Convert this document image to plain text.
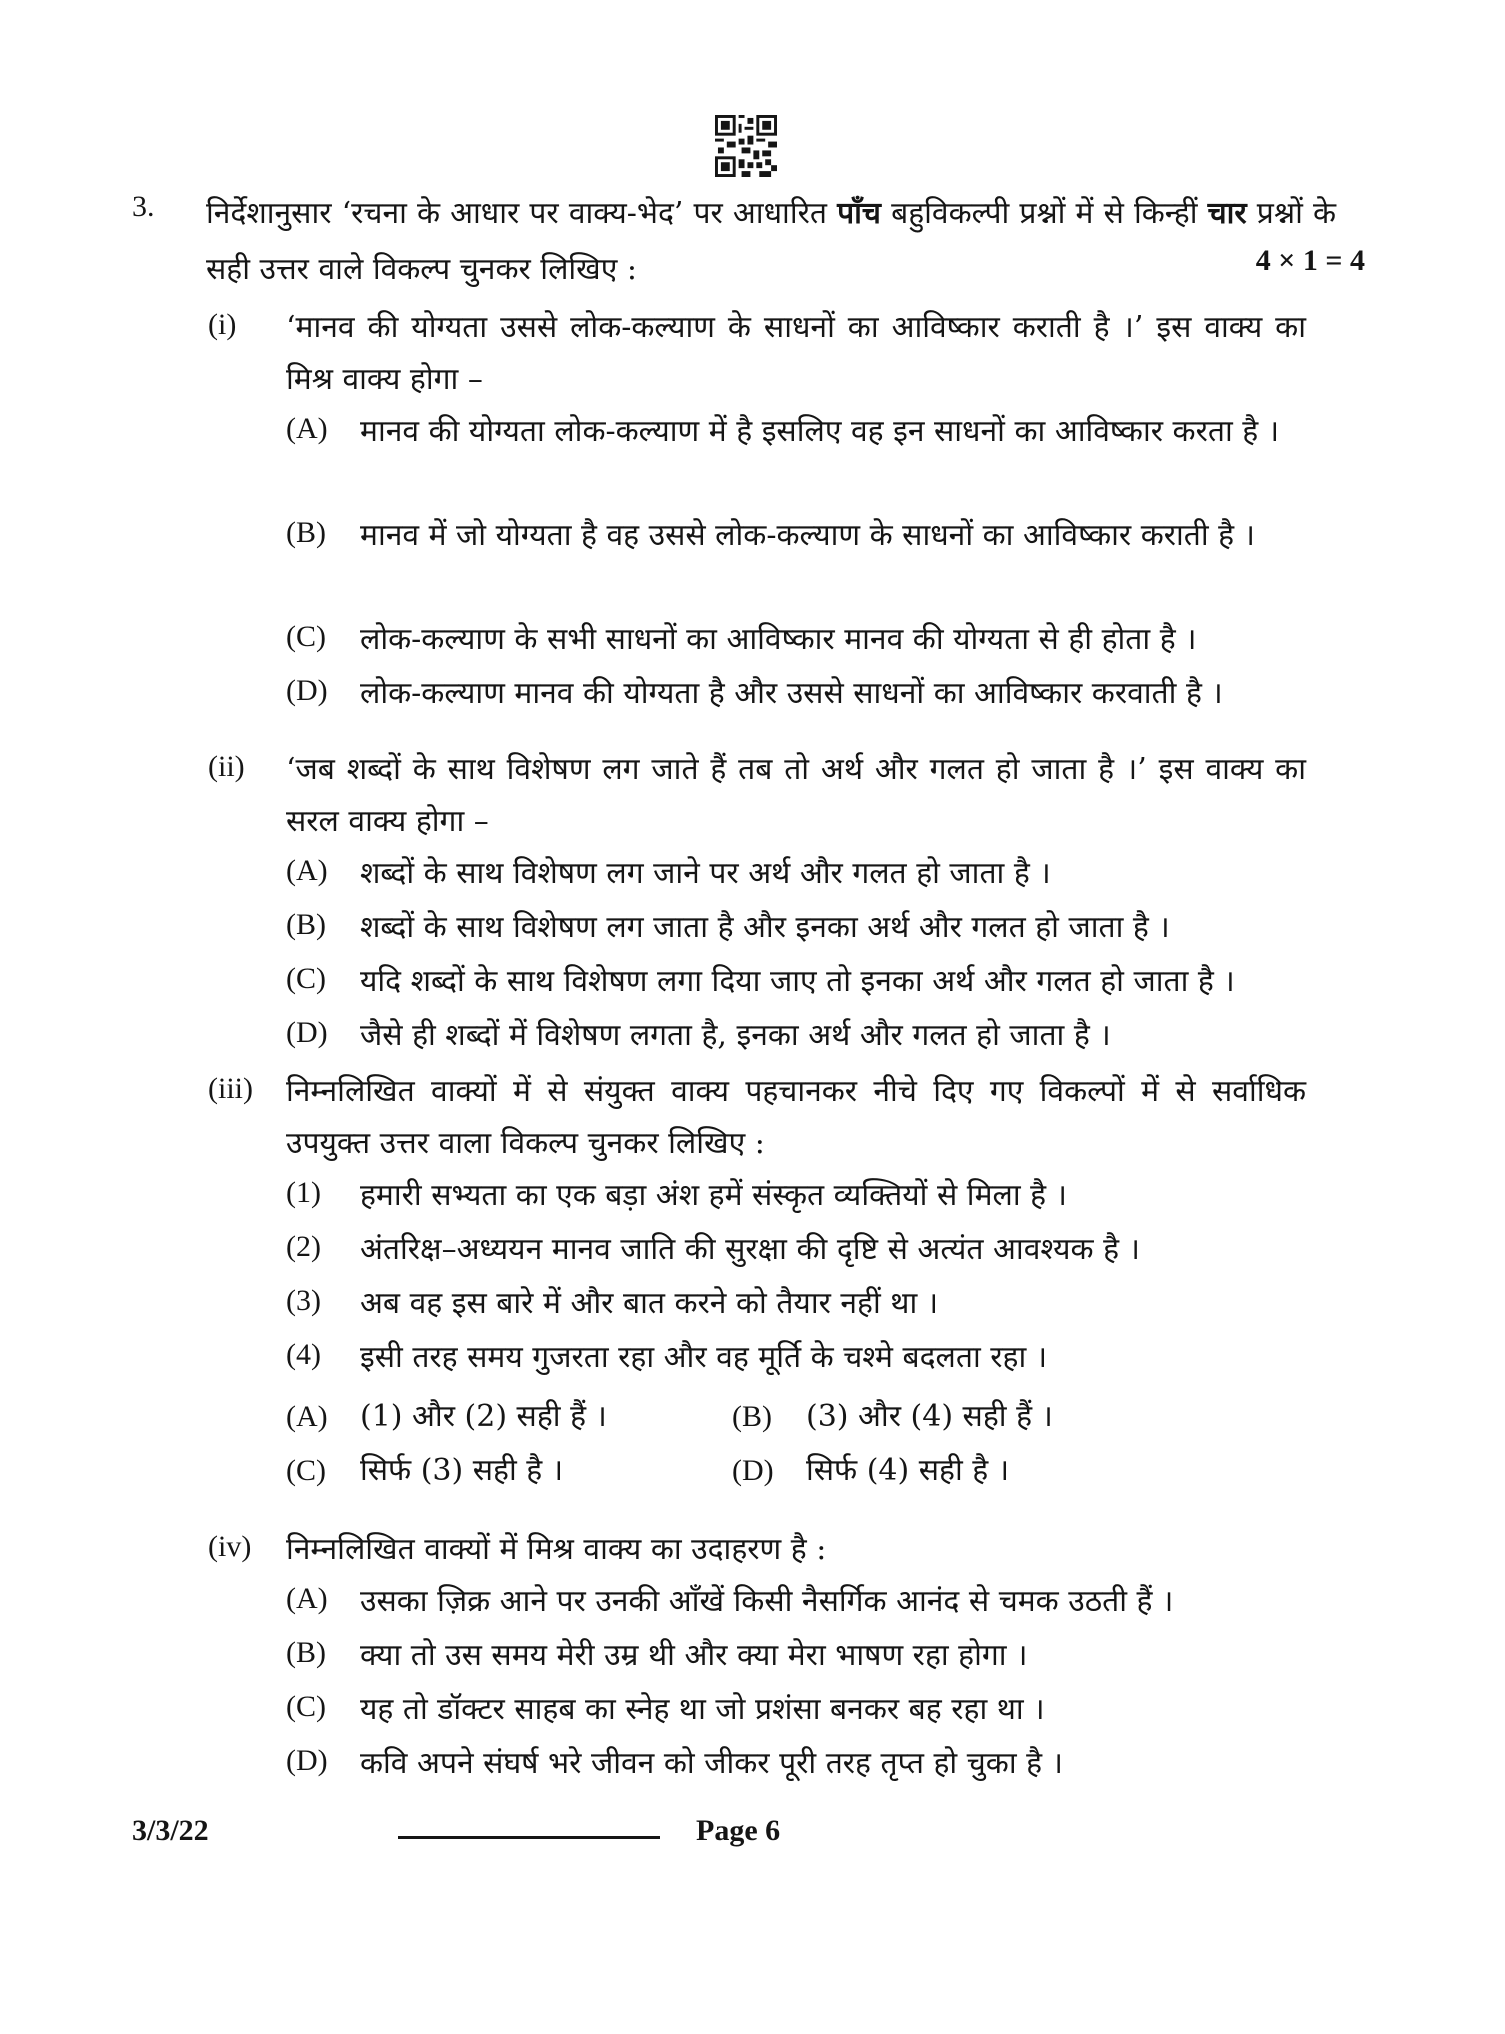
3. निर्देशानुसार ‘रचना के आधार पर वाक्य-भेद’ पर आधारित पाँच बहुविकल्पी प्रश्नों में से किन्हीं चार प्रश्नों के सही उत्तर वाले विकल्प चुनकर लिखिए :	4 × 1 = 4
(i) ‘मानव की योग्यता उससे लोक-कल्याण के साधनों का आविष्कार कराती है ।’ इस वाक्य का मिश्र वाक्य होगा –
(A) मानव की योग्यता लोक-कल्याण में है इसलिए वह इन साधनों का आविष्कार करता है ।
(B) मानव में जो योग्यता है वह उससे लोक-कल्याण के साधनों का आविष्कार कराती है ।
(C) लोक-कल्याण के सभी साधनों का आविष्कार मानव की योग्यता से ही होता है ।
(D) लोक-कल्याण मानव की योग्यता है और उससे साधनों का आविष्कार करवाती है ।
(ii) ‘जब शब्दों के साथ विशेषण लग जाते हैं तब तो अर्थ और गलत हो जाता है ।’ इस वाक्य का सरल वाक्य होगा –
(A) शब्दों के साथ विशेषण लग जाने पर अर्थ और गलत हो जाता है ।
(B) शब्दों के साथ विशेषण लग जाता है और इनका अर्थ और गलत हो जाता है ।
(C) यदि शब्दों के साथ विशेषण लगा दिया जाए तो इनका अर्थ और गलत हो जाता है ।
(D) जैसे ही शब्दों में विशेषण लगता है, इनका अर्थ और गलत हो जाता है ।
(iii) निम्नलिखित वाक्यों में से संयुक्त वाक्य पहचानकर नीचे दिए गए विकल्पों में से सर्वाधिक उपयुक्त उत्तर वाला विकल्प चुनकर लिखिए :
(1) हमारी सभ्यता का एक बड़ा अंश हमें संस्कृत व्यक्तियों से मिला है ।
(2) अंतरिक्ष–अध्ययन मानव जाति की सुरक्षा की दृष्टि से अत्यंत आवश्यक है ।
(3) अब वह इस बारे में और बात करने को तैयार नहीं था ।
(4) इसी तरह समय गुजरता रहा और वह मूर्ति के चश्मे बदलता रहा ।
(A) (1) और (2) सही हैं ।	(B) (3) और (4) सही हैं ।
(C) सिर्फ (3) सही है ।	(D) सिर्फ (4) सही है ।
(iv) निम्नलिखित वाक्यों में मिश्र वाक्य का उदाहरण है :
(A) उसका ज़िक्र आने पर उनकी आँखें किसी नैसर्गिक आनंद से चमक उठती हैं ।
(B) क्या तो उस समय मेरी उम्र थी और क्या मेरा भाषण रहा होगा ।
(C) यह तो डॉक्टर साहब का स्नेह था जो प्रशंसा बनकर बह रहा था ।
(D) कवि अपने संघर्ष भरे जीवन को जीकर पूरी तरह तृप्त हो चुका है ।
3/3/22	Page 6
